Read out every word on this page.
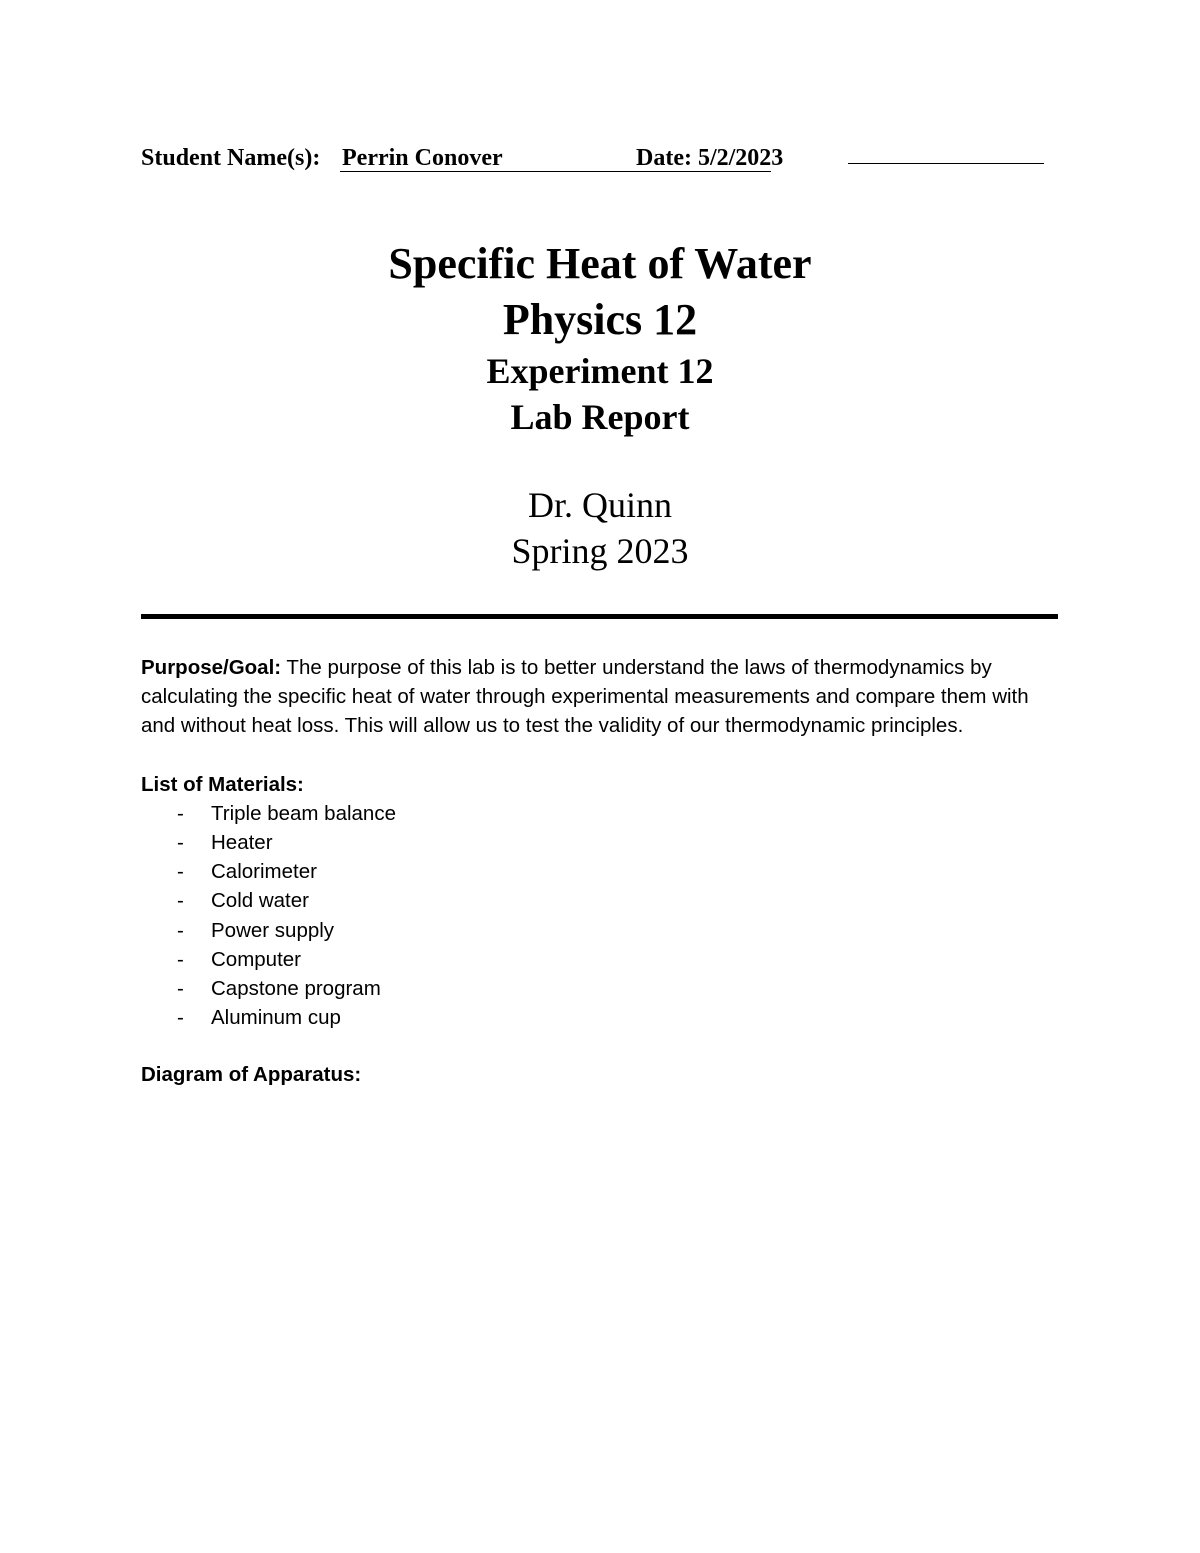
Student Name(s): Perrin Conover	Date: 5/2/2023

Specific Heat of Water

Physics 12

Experiment 12

Lab Report

Dr. Quinn

Spring 2023

Purpose/Goal: The purpose of this lab is to better understand the laws of thermodynamics by calculating the specific heat of water through experimental measurements and compare them with and without heat loss. This will allow us to test the validity of our thermodynamic principles.

List of Materials:

- Triple beam balance
- Heater
- Calorimeter
- Cold water
- Power supply
- Computer
- Capstone program
- Aluminum cup

Diagram of Apparatus:
